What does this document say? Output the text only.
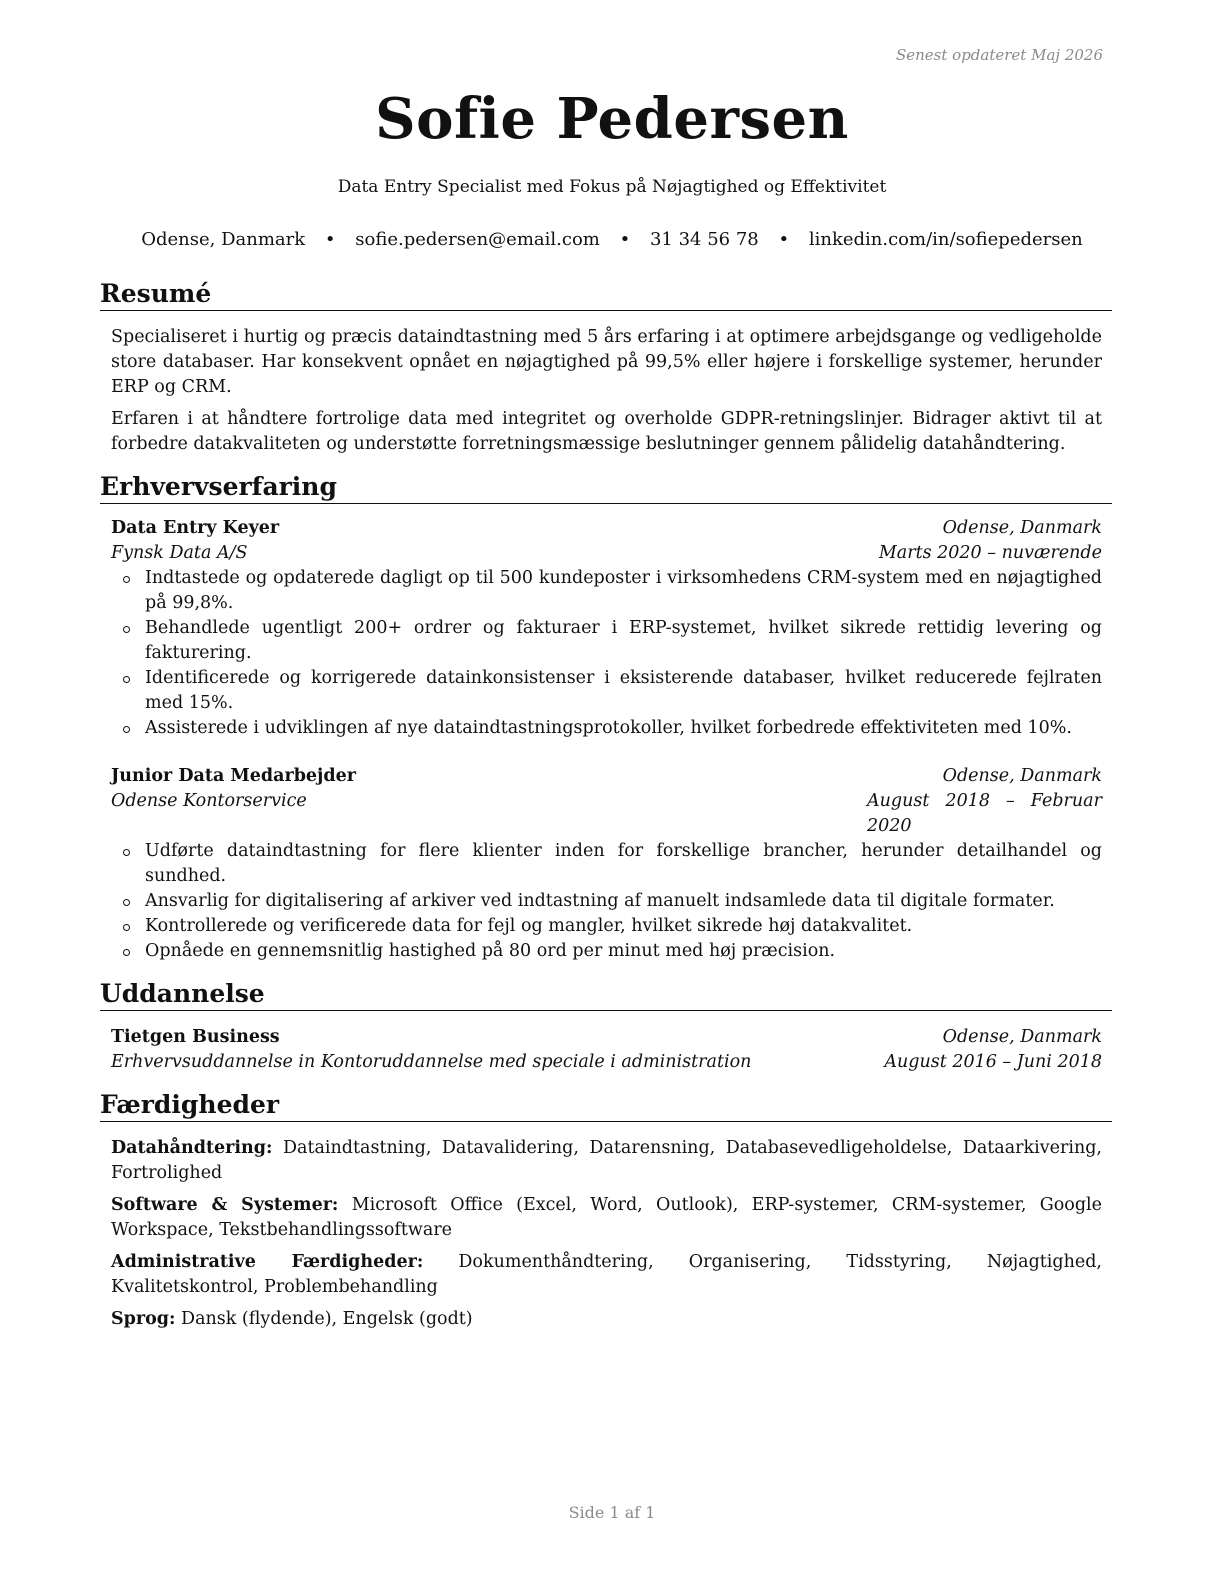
Senest opdateret Maj 2026
Sofie Pedersen
Data Entry Specialist med Fokus på Nøjagtighed og Effektivitet
Odense, Danmark • sofie.pedersen@email.com • 31 34 56 78 • linkedin.com/in/sofiepedersen
Resumé

Specialiseret i hurtig og præcis dataindtastning med 5 års erfaring i at optimere arbejdsgange og vedligeholde store databaser. Har konsekvent opnået en nøjagtighed på 99,5% eller højere i forskellige systemer, herunder ERP og CRM.

Erfaren i at håndtere fortrolige data med integritet og overholde GDPR-retningslinjer. Bidrager aktivt til at forbedre datakvaliteten og understøtte forretningsmæssige beslutninger gennem pålidelig datahåndtering.

Erhvervserfaring
Data Entry Keyer	Odense, Danmark
Fynsk Data A/S	Marts 2020 – nuværende
Indtastede og opdaterede dagligt op til 500 kundeposter i virksomhedens CRM-system med en nøjagtighed på 99,8%.
Behandlede ugentligt 200+ ordrer og fakturaer i ERP-systemet, hvilket sikrede rettidig levering og fakturering.
Identificerede og korrigerede datainkonsistenser i eksisterende databaser, hvilket reducerede fejlraten med 15%.
Assisterede i udviklingen af nye dataindtastningsprotokoller, hvilket forbedrede effektiviteten med 10%.
Junior Data Medarbejder	Odense, Danmark
Odense Kontorservice	August 2018 – Februar 2020
Udførte dataindtastning for flere klienter inden for forskellige brancher, herunder detailhandel og sundhed.
Ansvarlig for digitalisering af arkiver ved indtastning af manuelt indsamlede data til digitale formater.
Kontrollerede og verificerede data for fejl og mangler, hvilket sikrede høj datakvalitet.
Opnåede en gennemsnitlig hastighed på 80 ord per minut med høj præcision.
Uddannelse
Tietgen Business	Odense, Danmark
Erhvervsuddannelse in Kontoruddannelse med speciale i administration	August 2016 – Juni 2018
Færdigheder

Datahåndtering: Dataindtastning, Datavalidering, Datarensning, Databasevedligeholdelse, Dataarkivering, Fortrolighed

Software & Systemer: Microsoft Office (Excel, Word, Outlook), ERP-systemer, CRM-systemer, Google Workspace, Tekstbehandlingssoftware

Administrative Færdigheder: Dokumenthåndtering, Organisering, Tidsstyring, Nøjagtighed, Kvalitetskontrol, Problembehandling

Sprog: Dansk (flydende), Engelsk (godt)

Side 1 af 1
